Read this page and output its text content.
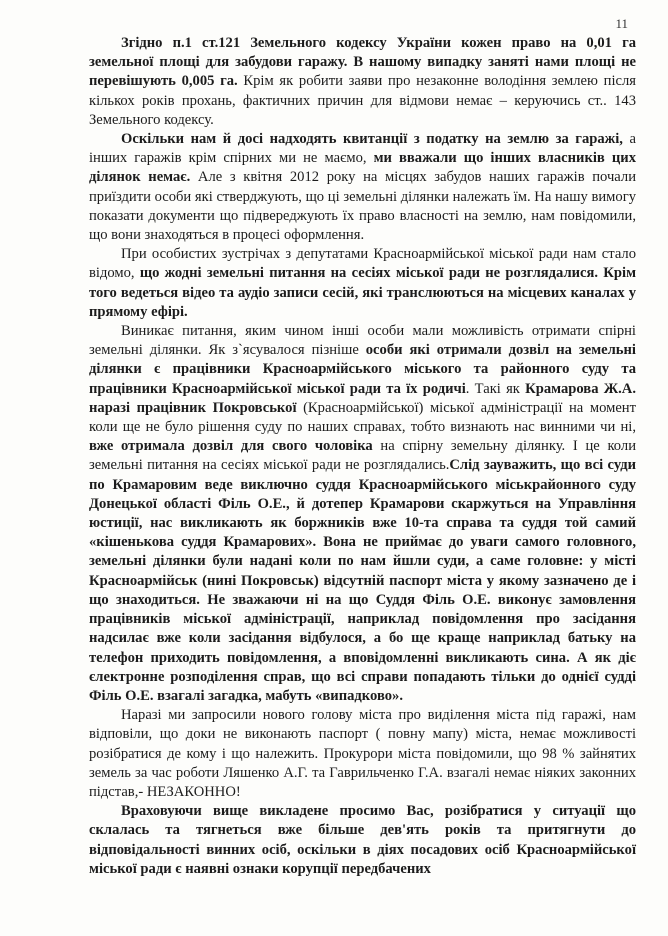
11

Згідно п.1 ст.121 Земельного кодексу України кожен право на 0,01 га земельної площі для забудови гаражу. В нашому випадку заняті нами площі не перевішують 0,005 га. Крім як робити заяви про незаконне володіння землею після кількох років прохань, фактичних причин для відмови немає – керуючись ст.. 143 Земельного кодексу.

Оскільки нам й досі надходять квитанції з податку на землю за гаражі, а інших гаражів крім спірних ми не маємо, ми вважали що інших власників цих ділянок немає. Але з квітня 2012 року на місцях забудов наших гаражів почали приїздити особи які стверджують, що ці земельні ділянки належать їм. На нашу вимогу показати документи що підвереджують їх право власності на землю, нам повідомили, що вони знаходяться в процесі оформлення.

При особистих зустрічах з депутатами Красноармійської міської ради нам стало відомо, що жодні земельні питання на сесіях міської ради не розглядалися. Крім того ведеться відео та аудіо записи сесій, які транслюються на місцевих каналах у прямому ефірі.

Виникає питання, яким чином інші особи мали можливість отримати спірні земельні ділянки. Як з`ясувалося пізніше особи які отримали дозвіл на земельні ділянки є працівники Красноармійського міського та районного суду та працівники Красноармійської міської ради та їх родичі. Такі як Крамарова Ж.А. наразі працівник Покровської (Красноармійської) міської адміністрації на момент коли ще не було рішення суду по наших справах, тобто визнають нас винними чи ні, вже отримала дозвіл для свого чоловіка на спірну земельну ділянку. І це коли земельні питання на сесіях міської ради не розглядались.Слід зауважить, що всі суди по Крамаровим веде виключно суддя Красноармійського міськрайонного суду Донецької області Філь О.Е., й дотепер Крамарови скаржуться на Управління юстиції, нас викликають як боржників вже 10-та справа та суддя той самий «кішенькова суддя Крамарових». Вона не приймає до уваги самого головного, земельні ділянки були надані коли по нам йшли суди, а саме головне: у місті Красноармійськ (нині Покровськ) відсутній паспорт міста у якому зазначено де і що знаходиться. Не зважаючи ні на що Суддя Філь О.Е. виконує замовлення працівників міської адміністрації, наприклад повідомлення про засідання надсилає вже коли засідання відбулося, а бо ще краще наприклад батьку на телефон приходить повідомлення, а вповідомленні викликають сина. А як діє єлектронне розподілення справ, що всі справи попадають тільки до однієї судді Філь О.Е. взагалі загадка, мабуть «випадково».

Наразі ми запросили нового голову міста про виділення міста під гаражі, нам відповіли, що доки не виконають паспорт ( повну мапу) міста, немає можливості розібратися де кому і що належить. Прокурори міста повідомили, що 98 % зайнятих земель за час роботи Ляшенко А.Г. та Гаврильченко Г.А. взагалі немає ніяких законних підстав,- НЕЗАКОННО!

Враховуючи вище викладене просимо Вас, розібратися у ситуації що склалась та тягнеться вже більше дев'ять років та притягнути до відповідальності винних осіб, оскільки в діях посадових осіб Красноармійської міської ради є наявні ознаки корупції передбачених
